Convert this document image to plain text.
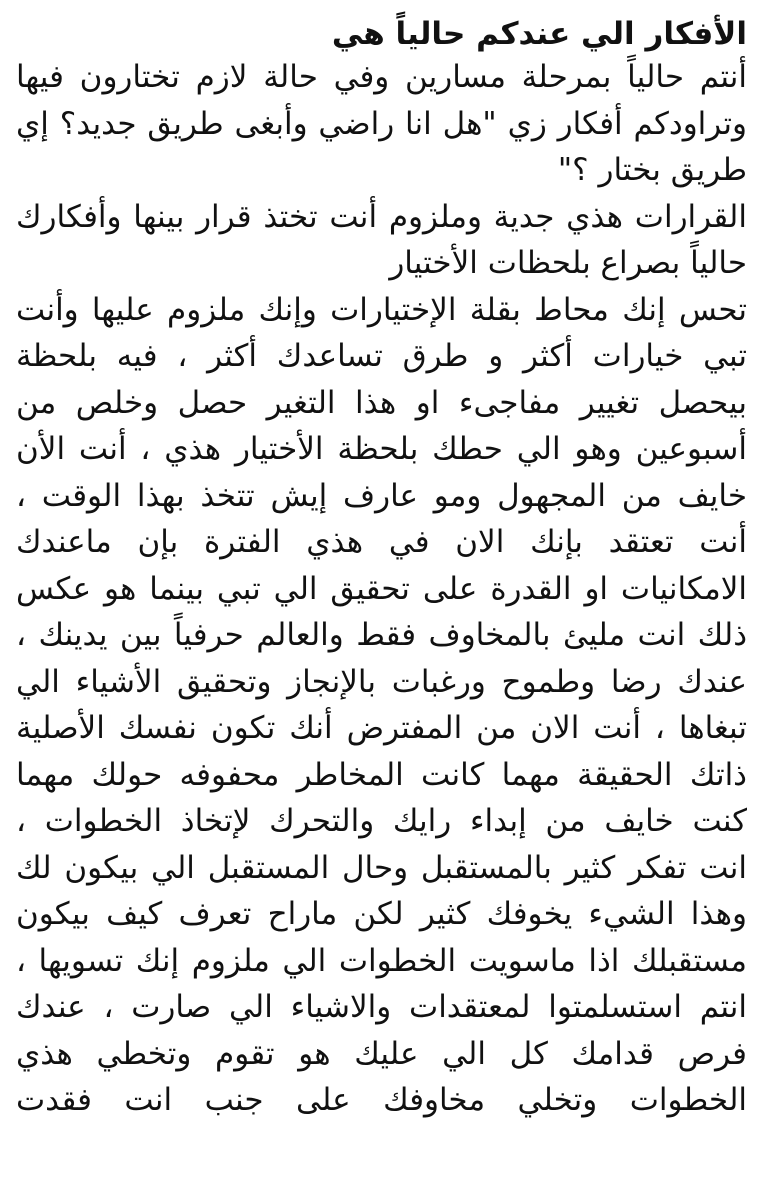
الأفكار الي عندكم حالياً هي
أنتم حالياً بمرحلة مسارين وفي حالة لازم تختارون فيها
وتراودكم أفكار زي "هل انا راضي وأبغى طريق جديد؟ إي
طريق بختار ؟"
القرارات هذي جدية وملزوم أنت تختذ قرار بينها وأفكارك
حالياً بصراع بلحظات الأختيار
تحس إنك محاط بقلة الإختيارات وإنك ملزوم عليها وأنت
تبي خيارات أكثر و طرق تساعدك أكثر ، فيه بلحظة
بيحصل تغيير مفاجىء او هذا التغير حصل وخلص من
أسبوعين وهو الي حطك بلحظة الأختيار هذي ، أنت الأن
خايف من المجهول ومو عارف إيش تتخذ بهذا الوقت ،
أنت تعتقد بإنك الان في هذي الفترة بإن ماعندك
الامكانيات او القدرة على تحقيق الي تبي بينما هو عكس
ذلك انت مليئ بالمخاوف فقط والعالم حرفياً بين يدينك ،
عندك رضا وطموح ورغبات بالإنجاز وتحقيق الأشياء الي
تبغاها ، أنت الان من المفترض أنك تكون نفسك الأصلية
ذاتك الحقيقة مهما كانت المخاطر محفوفه حولك مهما
كنت خايف من إبداء رايك والتحرك لإتخاذ الخطوات ،
انت تفكر كثير بالمستقبل وحال المستقبل الي بيكون لك
وهذا الشيء يخوفك كثير لكن ماراح تعرف كيف بيكون
مستقبلك اذا ماسويت الخطوات الي ملزوم إنك تسويها ،
انتم استسلمتوا لمعتقدات والاشياء الي صارت ، عندك
فرص قدامك كل الي عليك هو تقوم وتخطي هذي
الخطوات وتخلي مخاوفك على جنب انت فقدت
